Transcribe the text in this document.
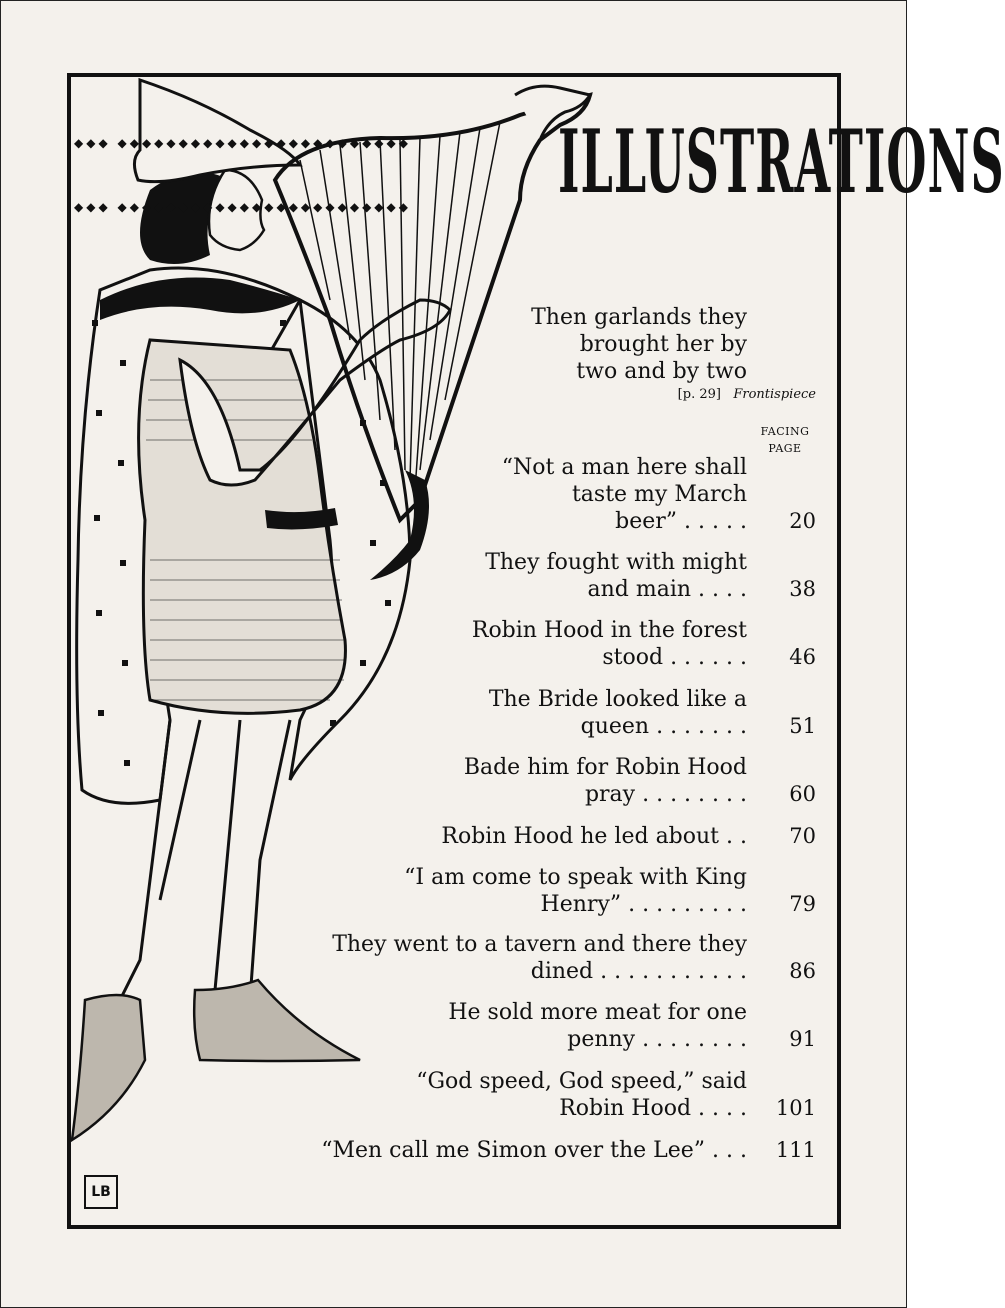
◆◆◆ ◆◆◆◆◆◆◆◆◆◆◆◆◆◆◆◆◆◆◆◆◆◆◆◆
◆◆◆ ◆◆◆◆◆◆◆◆◆◆◆◆◆◆◆◆◆◆◆◆◆◆◆◆	ILLUSTRATIONS
Then garlands they
brought her by
two and by two
[p. 29] Frontispiece
FACING
PAGE
“Not a man here shall
taste my March
beer” . . . . .	20
They fought with might
and main . . . .	38
Robin Hood in the forest
stood . . . . . .	46
The Bride looked like a
queen . . . . . . .	51
Bade him for Robin Hood
pray . . . . . . . .	60
Robin Hood he led about . .	70
“I am come to speak with King
Henry” . . . . . . . . .	79
They went to a tavern and there they
dined . . . . . . . . . . .	86
He sold more meat for one
penny . . . . . . . .	91
“God speed, God speed,” said
Robin Hood . . . .	101
“Men call me Simon over the Lee” . . .	111
LB
